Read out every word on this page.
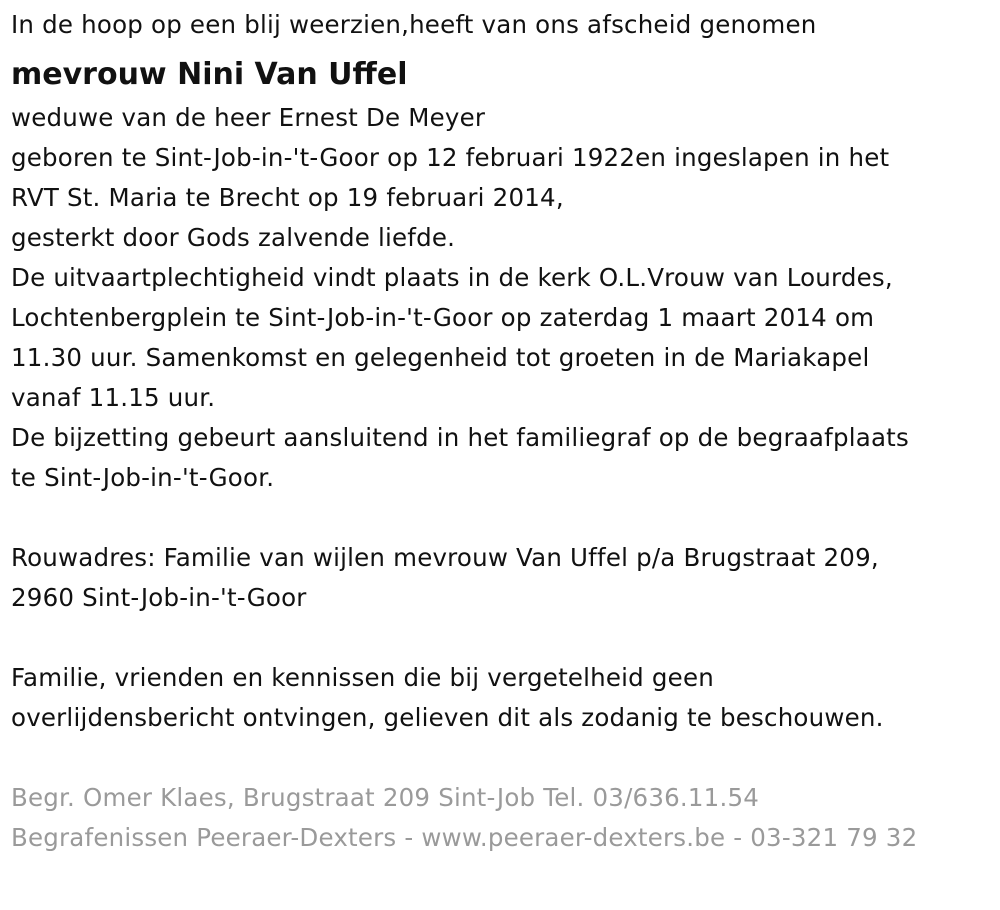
In de hoop op een blij weerzien,heeft van ons afscheid genomen
mevrouw Nini Van Uffel
weduwe van de heer Ernest De Meyer
geboren te Sint-Job-in-'t-Goor op 12 februari 1922en ingeslapen in het
RVT St. Maria te Brecht op 19 februari 2014,
gesterkt door Gods zalvende liefde.
De uitvaartplechtigheid vindt plaats in de kerk O.L.Vrouw van Lourdes,
Lochtenbergplein te Sint-Job-in-'t-Goor op zaterdag 1 maart 2014 om
11.30 uur. Samenkomst en gelegenheid tot groeten in de Mariakapel
vanaf 11.15 uur.
De bijzetting gebeurt aansluitend in het familiegraf op de begraafplaats
te Sint-Job-in-'t-Goor.
Rouwadres: Familie van wijlen mevrouw Van Uffel p/a Brugstraat 209,
2960 Sint-Job-in-'t-Goor
Familie, vrienden en kennissen die bij vergetelheid geen
overlijdensbericht ontvingen, gelieven dit als zodanig te beschouwen.
Begr. Omer Klaes, Brugstraat 209 Sint-Job Tel. 03/636.11.54
Begrafenissen Peeraer-Dexters - www.peeraer-dexters.be - 03-321 79 32
